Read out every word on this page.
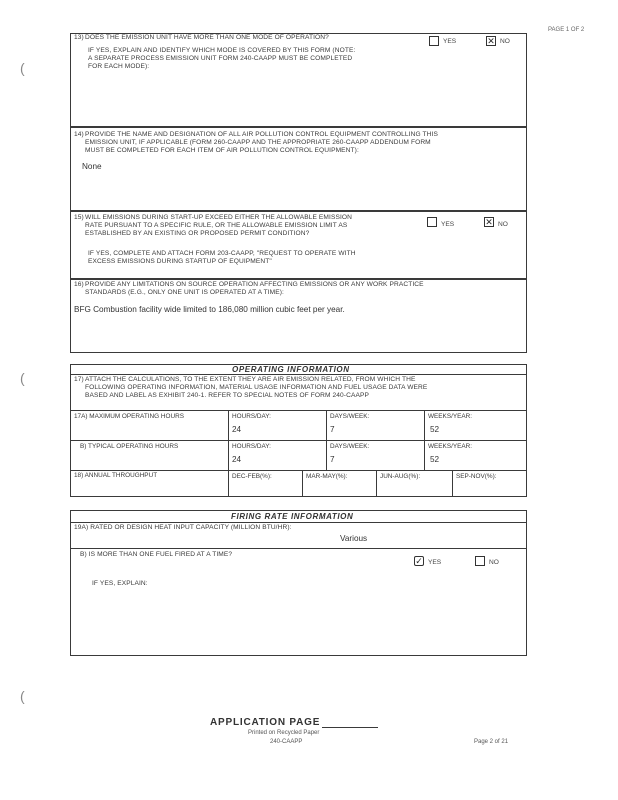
PAGE 1 OF 2
13) DOES THE EMISSION UNIT HAVE MORE THAN ONE MODE OF OPERATION?
IF YES, EXPLAIN AND IDENTIFY WHICH MODE IS COVERED BY THIS FORM (NOTE:
A SEPARATE PROCESS EMISSION UNIT FORM 240-CAAPP MUST BE COMPLETED
FOR EACH MODE):
YES	✕ NO
14) PROVIDE THE NAME AND DESIGNATION OF ALL AIR POLLUTION CONTROL EQUIPMENT CONTROLLING THIS
EMISSION UNIT, IF APPLICABLE (FORM 260-CAAPP AND THE APPROPRIATE 260-CAAPP ADDENDUM FORM
MUST BE COMPLETED FOR EACH ITEM OF AIR POLLUTION CONTROL EQUIPMENT):
None
15) WILL EMISSIONS DURING START-UP EXCEED EITHER THE ALLOWABLE EMISSION
RATE PURSUANT TO A SPECIFIC RULE, OR THE ALLOWABLE EMISSION LIMIT AS
ESTABLISHED BY AN EXISTING OR PROPOSED PERMIT CONDITION?
IF YES, COMPLETE AND ATTACH FORM 203-CAAPP, "REQUEST TO OPERATE WITH
EXCESS EMISSIONS DURING STARTUP OF EQUIPMENT"
YES	✕ NO
16) PROVIDE ANY LIMITATIONS ON SOURCE OPERATION AFFECTING EMISSIONS OR ANY WORK PRACTICE
STANDARDS (E.G., ONLY ONE UNIT IS OPERATED AT A TIME):
BFG Combustion facility wide limited to 186,080 million cubic feet per year.
OPERATING INFORMATION
17) ATTACH THE CALCULATIONS, TO THE EXTENT THEY ARE AIR EMISSION RELATED, FROM WHICH THE
FOLLOWING OPERATING INFORMATION, MATERIAL USAGE INFORMATION AND FUEL USAGE DATA WERE
BASED AND LABEL AS EXHIBIT 240-1. REFER TO SPECIAL NOTES OF FORM 240-CAAPP
17A) MAXIMUM OPERATING HOURS	HOURS/DAY:	DAYS/WEEK:	WEEKS/YEAR:
24	7	52
B) TYPICAL OPERATING HOURS	HOURS/DAY:	DAYS/WEEK:	WEEKS/YEAR:
24	7	52
18) ANNUAL THROUGHPUT	DEC-FEB(%):	MAR-MAY(%):	JUN-AUG(%):	SEP-NOV(%):
FIRING RATE INFORMATION
19A) RATED OR DESIGN HEAT INPUT CAPACITY (MILLION BTU/HR):
Various
B) IS MORE THAN ONE FUEL FIRED AT A TIME?
✓ YES	NO
IF YES, EXPLAIN:
(
(
(
APPLICATION PAGE
Printed on Recycled Paper
240-CAAPP	Page 2 of 21
